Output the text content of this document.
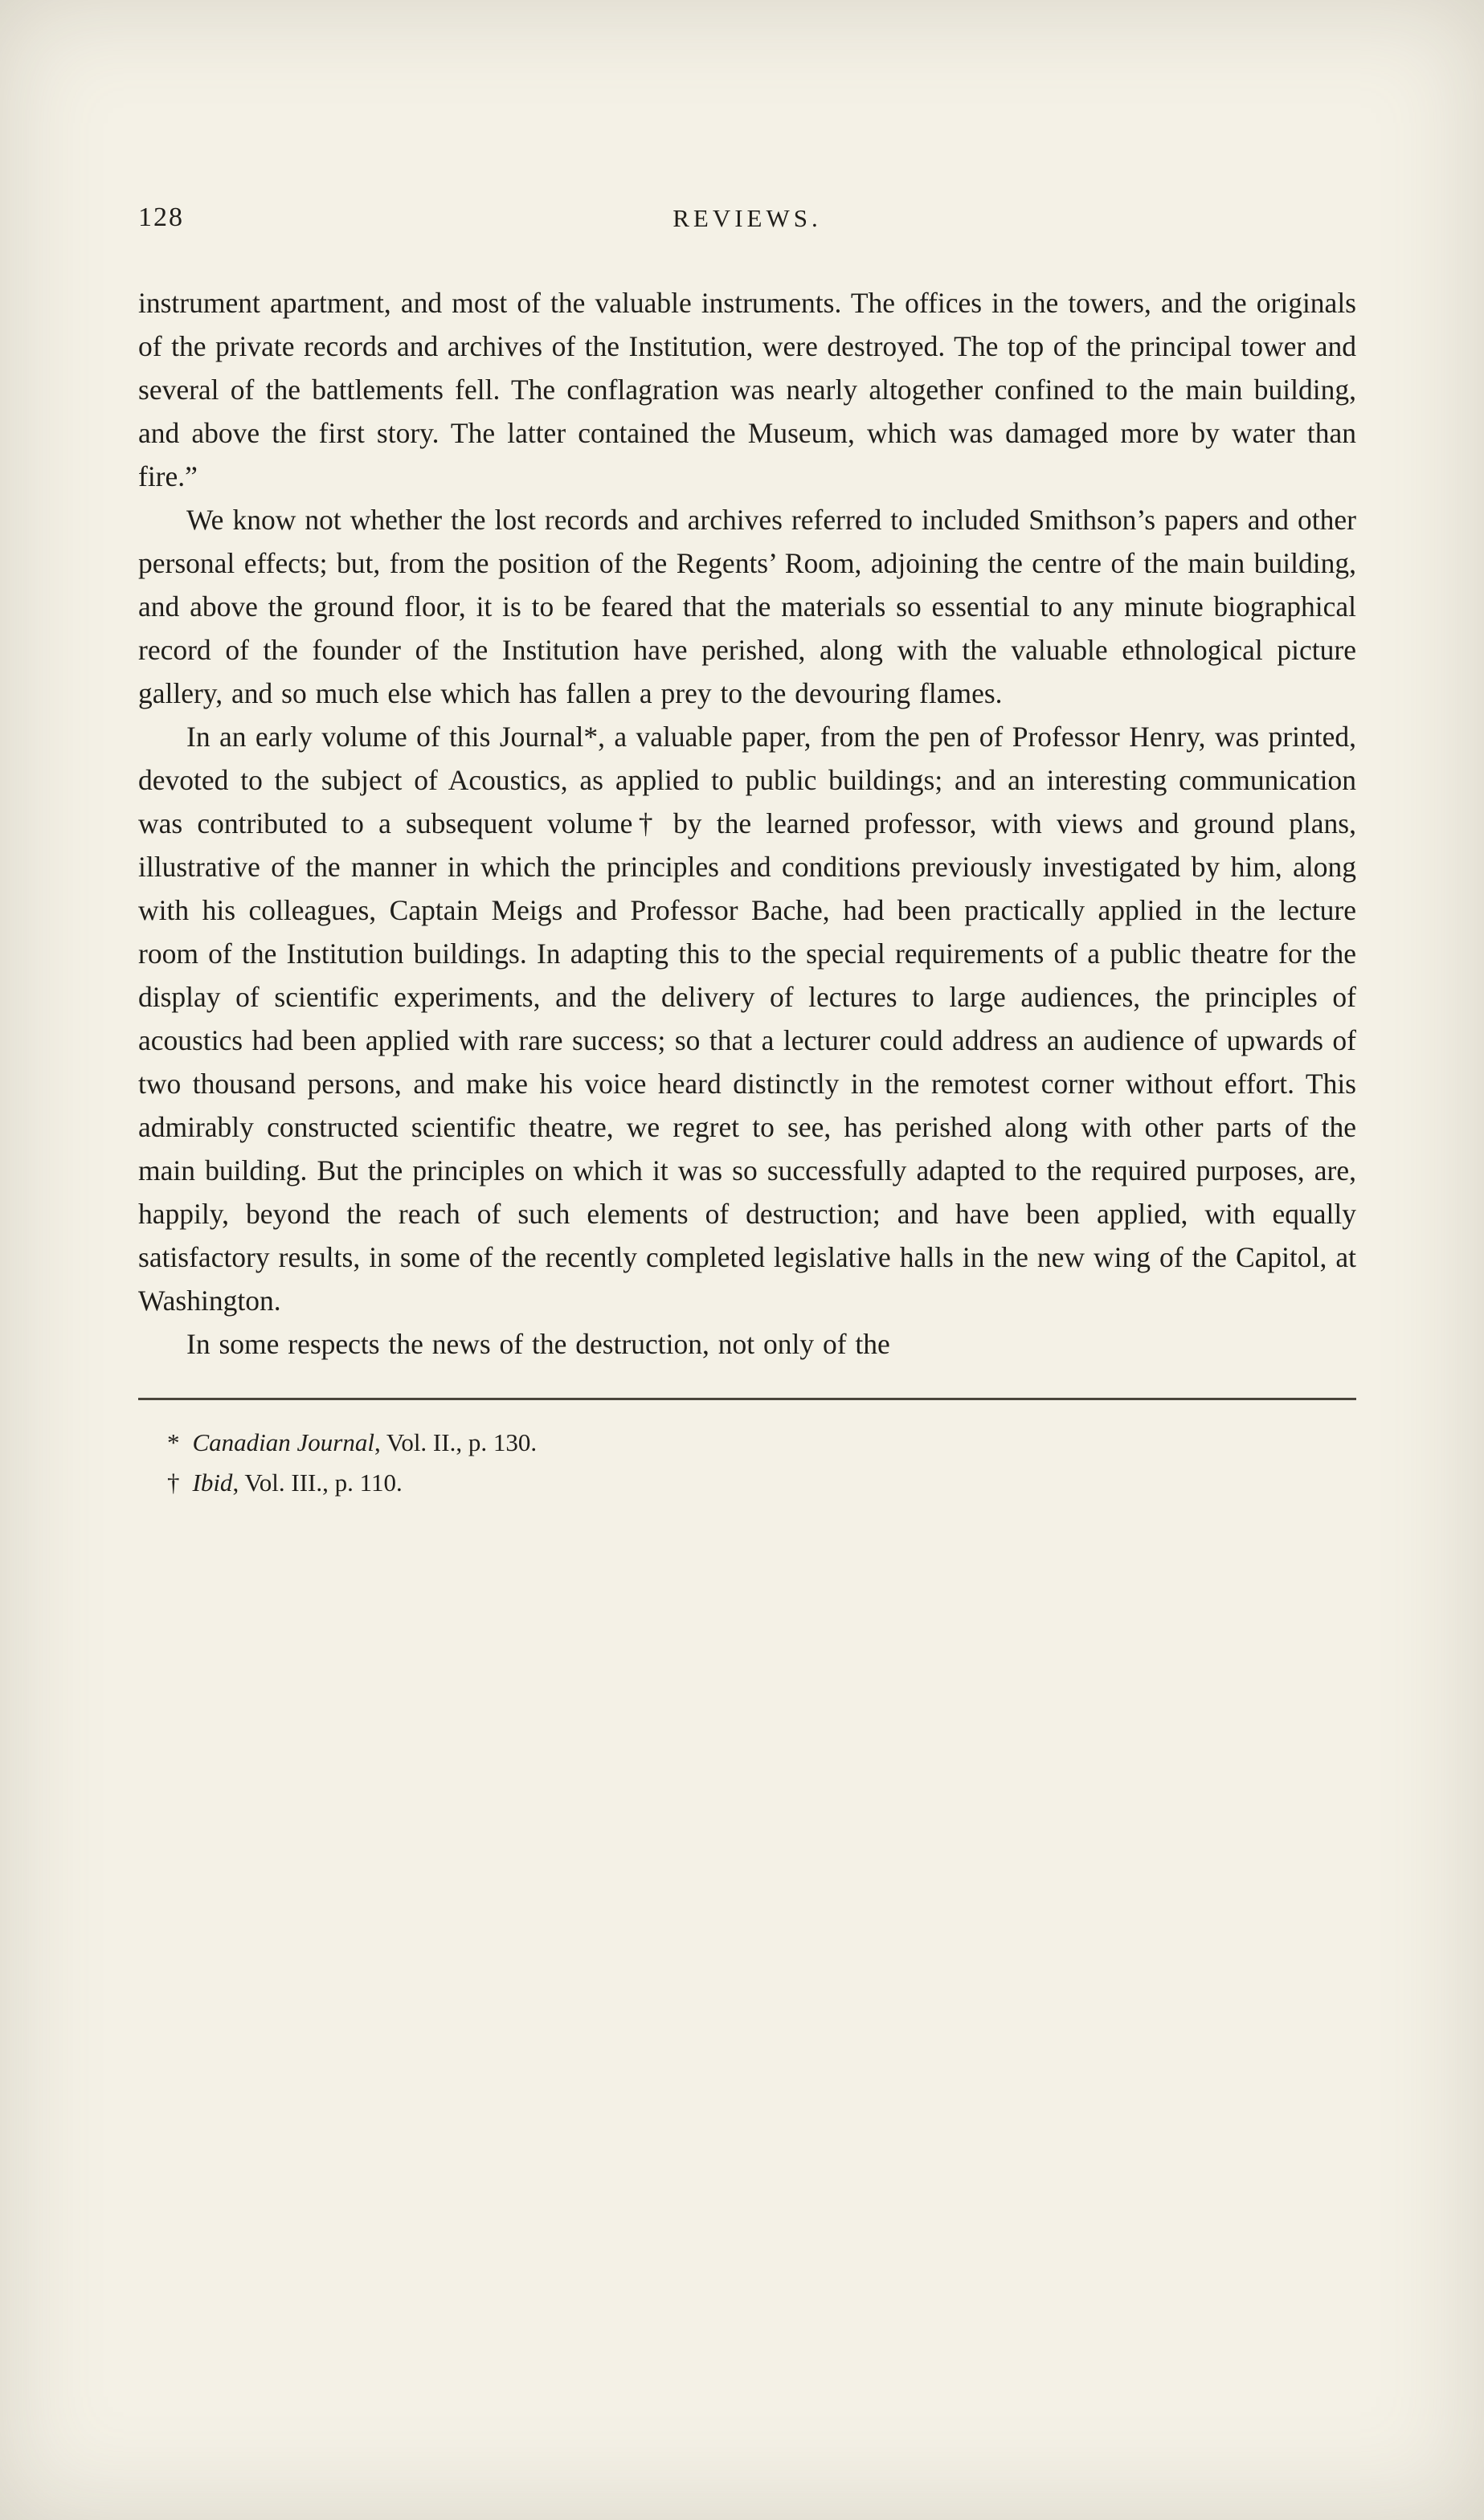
128	REVIEWS.

instrument apartment, and most of the valuable instruments. The offices in the towers, and the originals of the private records and archives of the Institution, were destroyed. The top of the principal tower and several of the battlements fell. The conflagration was nearly altogether confined to the main building, and above the first story. The latter contained the Museum, which was damaged more by water than fire.”

We know not whether the lost records and archives referred to included Smithson’s papers and other personal effects; but, from the position of the Regents’ Room, adjoining the centre of the main building, and above the ground floor, it is to be feared that the materials so essential to any minute biographical record of the founder of the Institution have perished, along with the valuable ethnological picture gallery, and so much else which has fallen a prey to the devouring flames.

In an early volume of this Journal*, a valuable paper, from the pen of Professor Henry, was printed, devoted to the subject of Acoustics, as applied to public buildings; and an interesting communication was contributed to a subsequent volume† by the learned professor, with views and ground plans, illustrative of the manner in which the principles and conditions previously investigated by him, along with his colleagues, Captain Meigs and Professor Bache, had been practically applied in the lecture room of the Institution buildings. In adapting this to the special requirements of a public theatre for the display of scientific experiments, and the delivery of lectures to large audiences, the principles of acoustics had been applied with rare success; so that a lecturer could address an audience of upwards of two thousand persons, and make his voice heard distinctly in the remotest corner without effort. This admirably constructed scientific theatre, we regret to see, has perished along with other parts of the main building. But the principles on which it was so successfully adapted to the required purposes, are, happily, beyond the reach of such elements of destruction; and have been applied, with equally satisfactory results, in some of the recently completed legislative halls in the new wing of the Capitol, at Washington.

In some respects the news of the destruction, not only of the

* Canadian Journal, Vol. II., p. 130.
† Ibid, Vol. III., p. 110.
